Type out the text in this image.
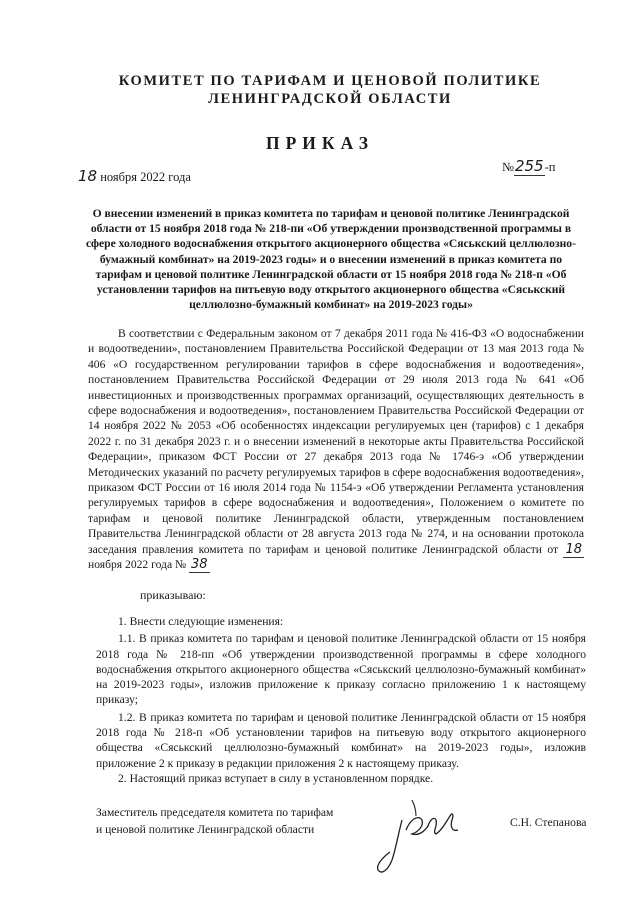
КОМИТЕТ ПО ТАРИФАМ И ЦЕНОВОЙ ПОЛИТИКЕ
ЛЕНИНГРАДСКОЙ ОБЛАСТИ
ПРИКАЗ
18 ноября 2022 года
№255-п
О внесении изменений в приказ комитета по тарифам и ценовой политике Ленинградской области от 15 ноября 2018 года № 218-пи «Об утверждении производственной программы в сфере холодного водоснабжения открытого акционерного общества «Сяськский целлюлозно-бумажный комбинат» на 2019-2023 годы» и о внесении изменений в приказ комитета по тарифам и ценовой политике Ленинградской области от 15 ноября 2018 года № 218-п «Об установлении тарифов на питьевую воду открытого акционерного общества «Сяськский целлюлозно-бумажный комбинат» на 2019-2023 годы»

В соответствии с Федеральным законом от 7 декабря 2011 года № 416-ФЗ «О водоснабжении и водоотведении», постановлением Правительства Российской Федерации от 13 мая 2013 года № 406 «О государственном регулировании тарифов в сфере водоснабжения и водоотведения», постановлением Правительства Российской Федерации от 29 июля 2013 года № 641 «Об инвестиционных и производственных программах организаций, осуществляющих деятельность в сфере водоснабжения и водоотведения», постановлением Правительства Российской Федерации от 14 ноября 2022 № 2053 «Об особенностях индексации регулируемых цен (тарифов) с 1 декабря 2022 г. по 31 декабря 2023 г. и о внесении изменений в некоторые акты Правительства Российской Федерации», приказом ФСТ России от 27 декабря 2013 года № 1746-э «Об утверждении Методических указаний по расчету регулируемых тарифов в сфере водоснабжения водоотведения», приказом ФСТ России от 16 июля 2014 года № 1154-э «Об утверждении Регламента установления регулируемых тарифов в сфере водоснабжения и водоотведения», Положением о комитете по тарифам и ценовой политике Ленинградской области, утвержденным постановлением Правительства Ленинградской области от 28 августа 2013 года № 274, и на основании протокола заседания правления комитета по тарифам и ценовой политике Ленинградской области от 18 ноября 2022 года № 38

приказываю:

1. Внести следующие изменения:

1.1. В приказ комитета по тарифам и ценовой политике Ленинградской области от 15 ноября 2018 года № 218-пп «Об утверждении производственной программы в сфере холодного водоснабжения открытого акционерного общества «Сяськский целлюлозно-бумажный комбинат» на 2019-2023 годы», изложив приложение к приказу согласно приложению 1 к настоящему приказу;

1.2. В приказ комитета по тарифам и ценовой политике Ленинградской области от 15 ноября 2018 года № 218-п «Об установлении тарифов на питьевую воду открытого акционерного общества «Сяськский целлюлозно-бумажный комбинат» на 2019-2023 годы», изложив приложение 2 к приказу в редакции приложения 2 к настоящему приказу.

2. Настоящий приказ вступает в силу в установленном порядке.

Заместитель председателя комитета по тарифам
и ценовой политике Ленинградской области
С.Н. Степанова
